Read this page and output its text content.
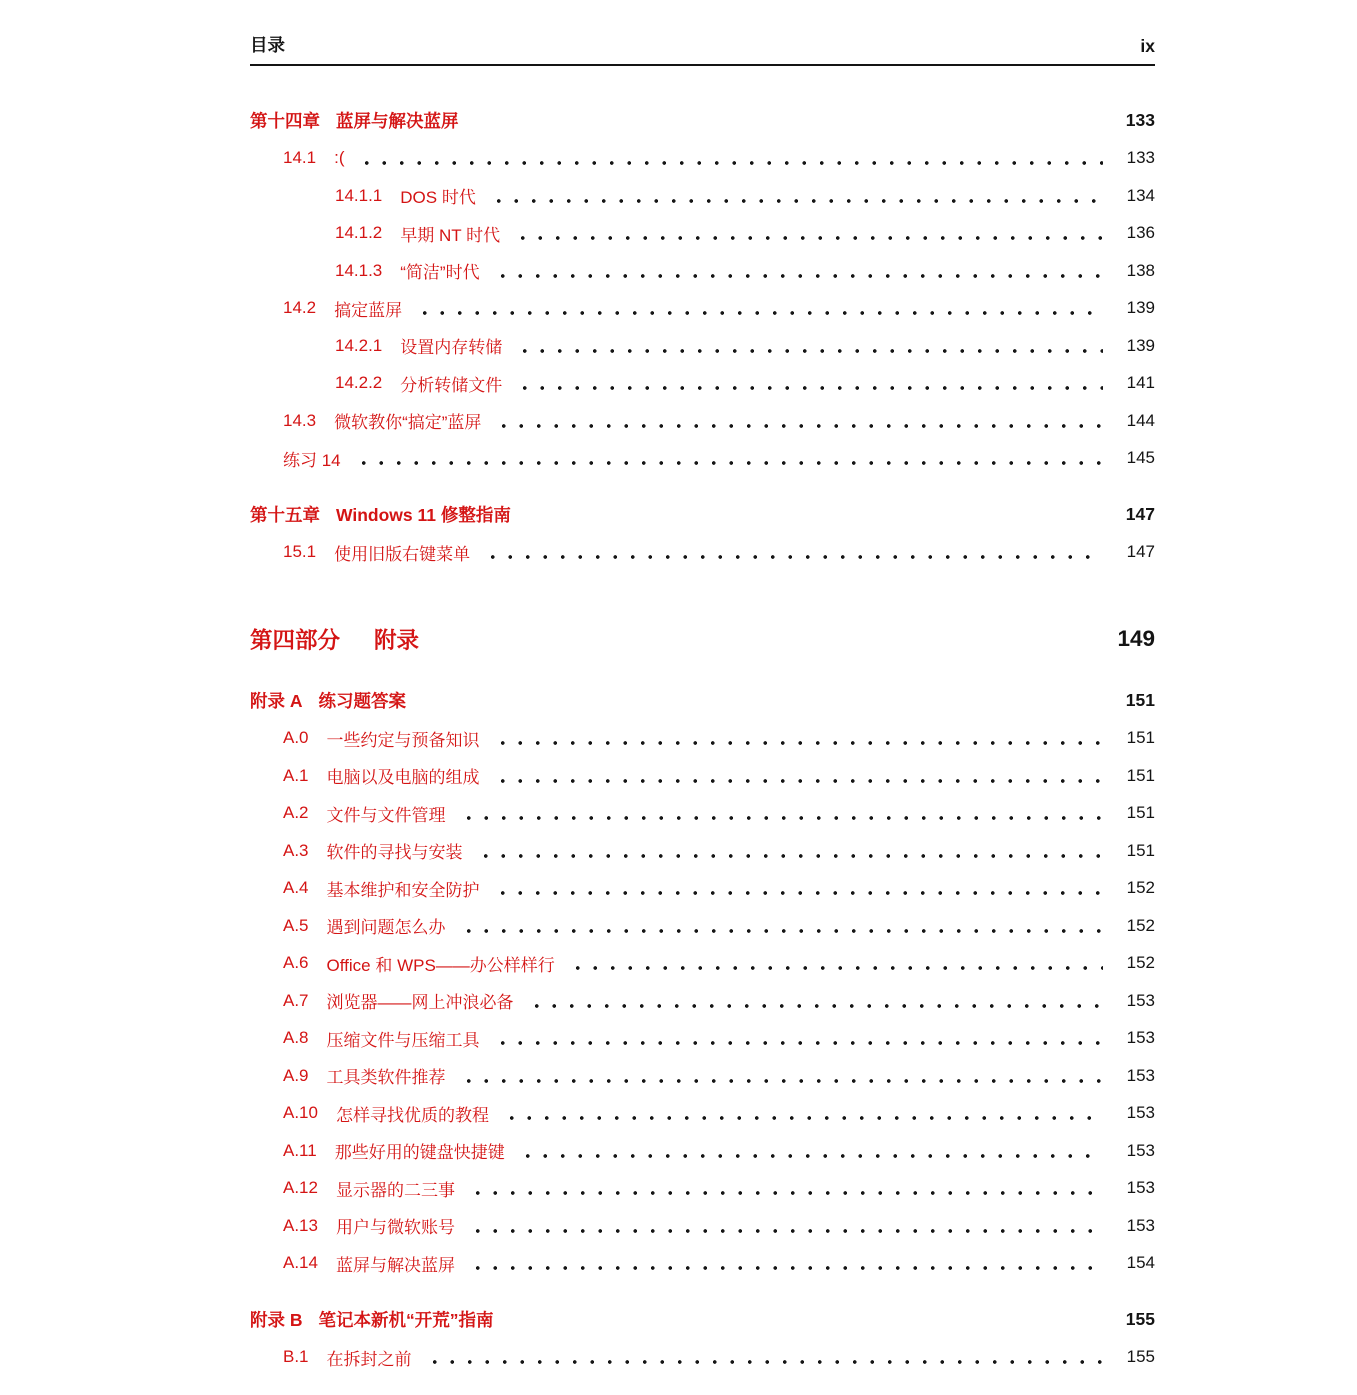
目录	ix
第十四章 蓝屏与解决蓝屏	133
14.1 :(	133
14.1.1 DOS 时代	134
14.1.2 早期 NT 时代	136
14.1.3 “简洁”时代	138
14.2 搞定蓝屏	139
14.2.1 设置内存转储	139
14.2.2 分析转储文件	141
14.3 微软教你“搞定”蓝屏	144
练习 14	145
第十五章 Windows 11 修整指南	147
15.1 使用旧版右键菜单	147
第四部分 附录	149
附录 A 练习题答案	151
A.0 一些约定与预备知识	151
A.1 电脑以及电脑的组成	151
A.2 文件与文件管理	151
A.3 软件的寻找与安装	151
A.4 基本维护和安全防护	152
A.5 遇到问题怎么办	152
A.6 Office 和 WPS——办公样样行	152
A.7 浏览器——网上冲浪必备	153
A.8 压缩文件与压缩工具	153
A.9 工具类软件推荐	153
A.10 怎样寻找优质的教程	153
A.11 那些好用的键盘快捷键	153
A.12 显示器的二三事	153
A.13 用户与微软账号	153
A.14 蓝屏与解决蓝屏	154
附录 B 笔记本新机“开荒”指南	155
B.1 在拆封之前	155
